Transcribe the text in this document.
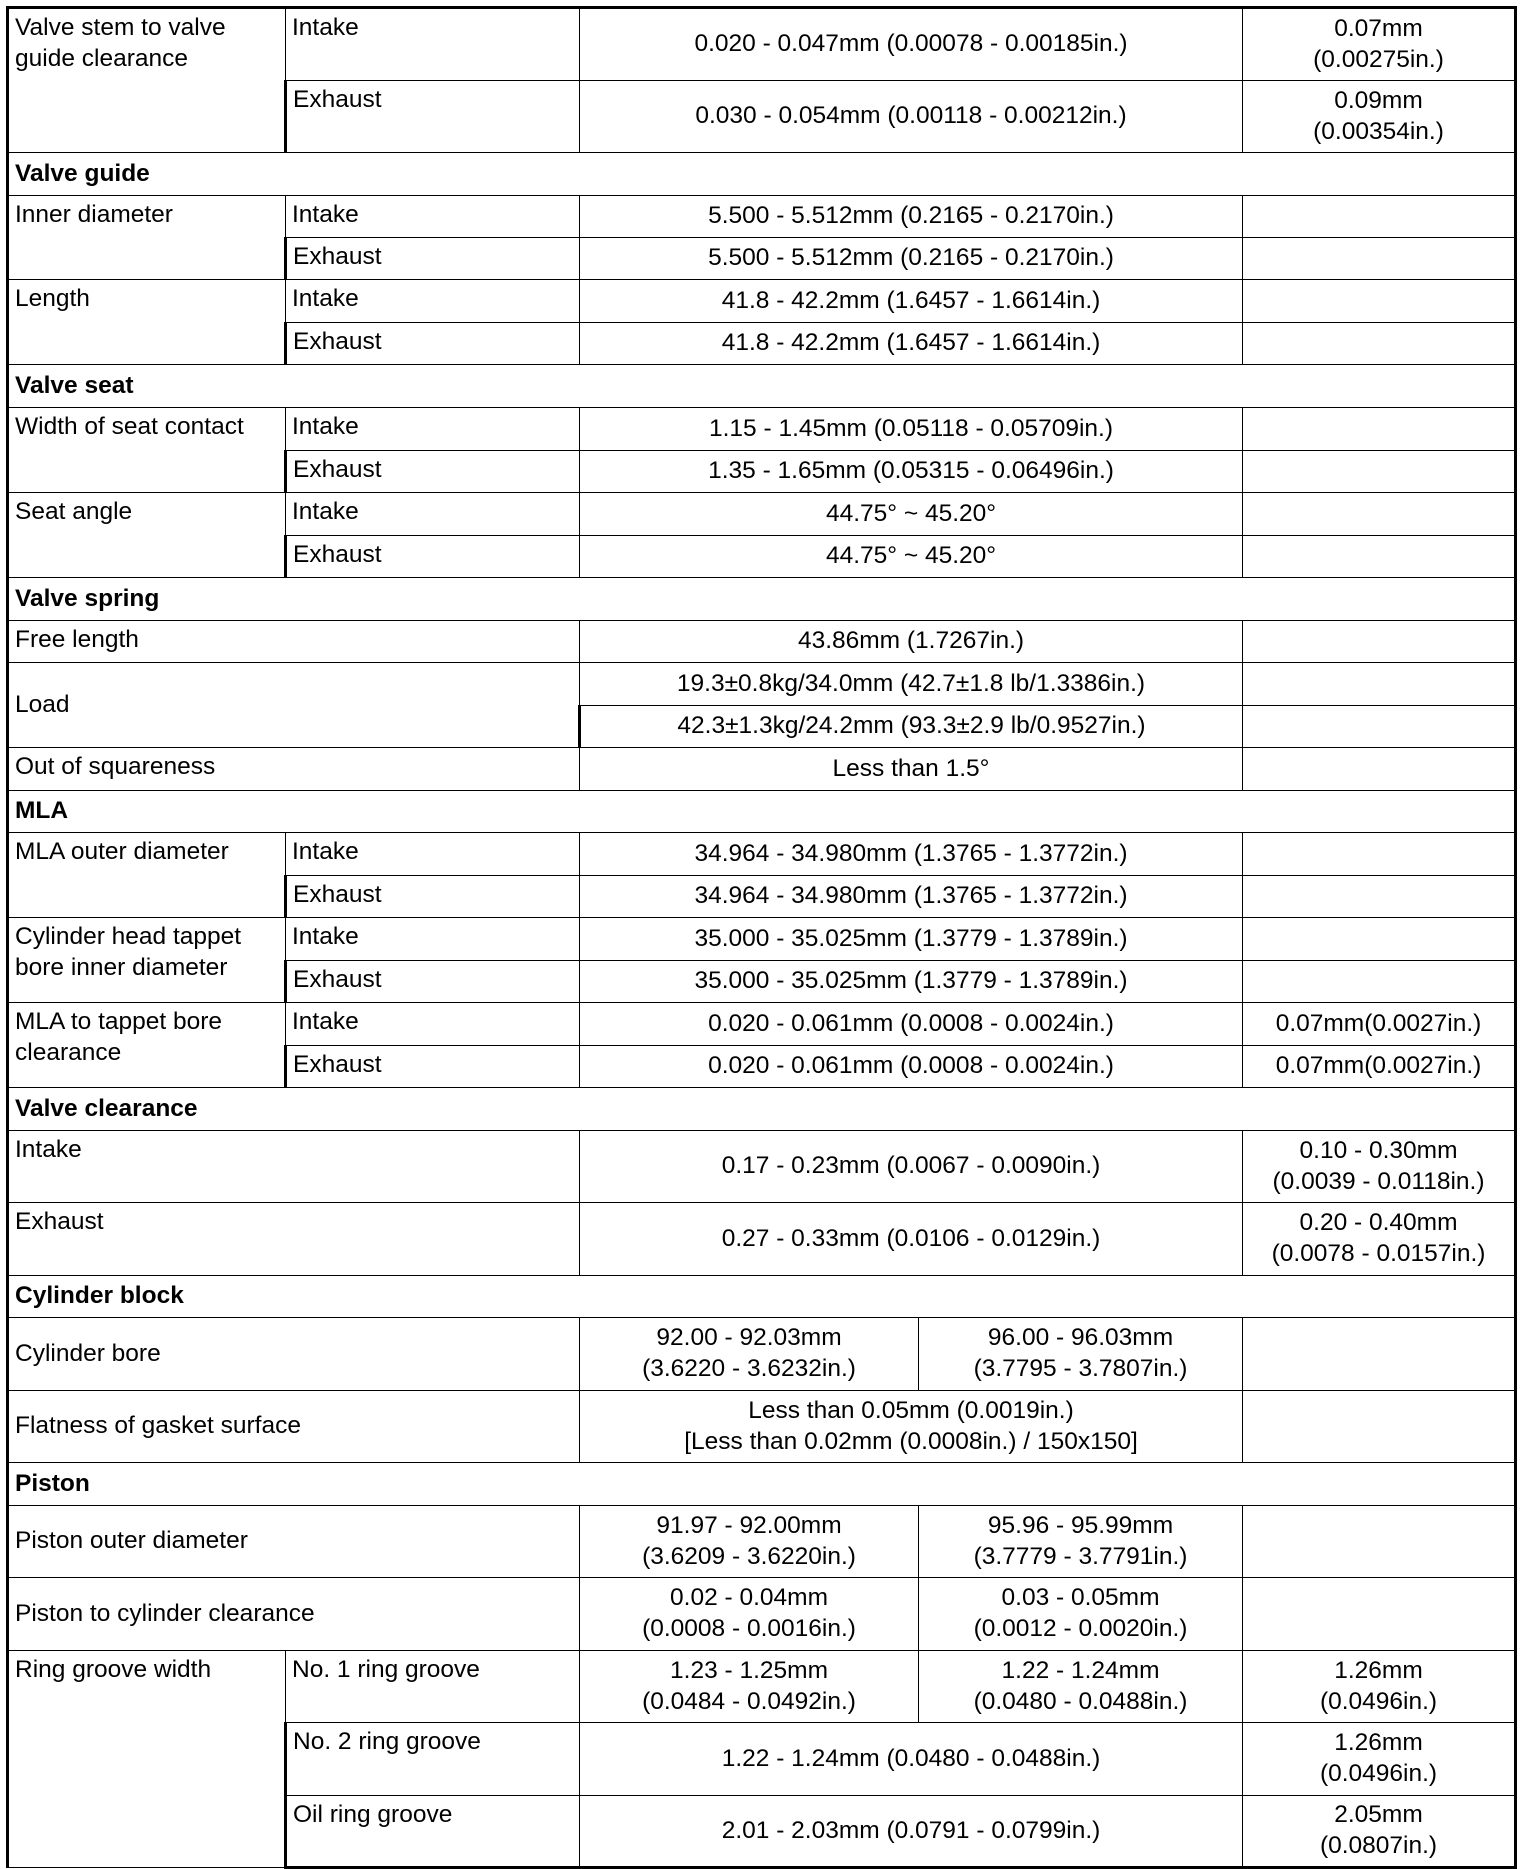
Valve stem to valve guide clearance	Intake	0.020 - 0.047mm (0.00078 - 0.00185in.)		0.07mm
(0.00275in.)

	Exhaust	0.030 - 0.054mm (0.00118 - 0.00212in.)		0.09mm
(0.00354in.)

Valve guide				
Inner diameter	Intake	5.500 - 5.512mm (0.2165 - 0.2170in.)		
	Exhaust	5.500 - 5.512mm (0.2165 - 0.2170in.)		
Length	Intake	41.8 - 42.2mm (1.6457 - 1.6614in.)		
	Exhaust	41.8 - 42.2mm (1.6457 - 1.6614in.)		
Valve seat				
Width of seat contact	Intake	1.15 - 1.45mm (0.05118 - 0.05709in.)		
	Exhaust	1.35 - 1.65mm (0.05315 - 0.06496in.)		
Seat angle	Intake	44.75° ~ 45.20°		
	Exhaust	44.75° ~ 45.20°		
Valve spring				
Free length		43.86mm (1.7267in.)		
Load		19.3±0.8kg/34.0mm (42.7±1.8 lb/1.3386in.)		
		42.3±1.3kg/24.2mm (93.3±2.9 lb/0.9527in.)		
Out of squareness		Less than 1.5°		
MLA				
MLA outer diameter	Intake	34.964 - 34.980mm (1.3765 - 1.3772in.)		
	Exhaust	34.964 - 34.980mm (1.3765 - 1.3772in.)		
Cylinder head tappet bore inner diameter	Intake	35.000 - 35.025mm (1.3779 - 1.3789in.)		
	Exhaust	35.000 - 35.025mm (1.3779 - 1.3789in.)		
MLA to tappet bore clearance	Intake	0.020 - 0.061mm (0.0008 - 0.0024in.)		0.07mm(0.0027in.)
	Exhaust	0.020 - 0.061mm (0.0008 - 0.0024in.)		0.07mm(0.0027in.)
Valve clearance				
Intake		0.17 - 0.23mm (0.0067 - 0.0090in.)		0.10 - 0.30mm
(0.0039 - 0.0118in.)

Exhaust		0.27 - 0.33mm (0.0106 - 0.0129in.)		0.20 - 0.40mm
(0.0078 - 0.0157in.)

Cylinder block				
Cylinder bore		92.00 - 92.03mm
(3.6220 - 3.6232in.)	96.00 - 96.03mm
(3.7795 - 3.7807in.)	

Flatness of gasket surface		Less than 0.05mm (0.0019in.)
[Less than 0.02mm (0.0008in.) / 150x150]		

Piston				
Piston outer diameter		91.97 - 92.00mm
(3.6209 - 3.6220in.)	95.96 - 95.99mm
(3.7779 - 3.7791in.)	

Piston to cylinder clearance		0.02 - 0.04mm
(0.0008 - 0.0016in.)	0.03 - 0.05mm
(0.0012 - 0.0020in.)	

Ring groove width	No. 1 ring groove	1.23 - 1.25mm
(0.0484 - 0.0492in.)	1.22 - 1.24mm
(0.0480 - 0.0488in.)	1.26mm
(0.0496in.)

	No. 2 ring groove	1.22 - 1.24mm (0.0480 - 0.0488in.)		1.26mm
(0.0496in.)

	Oil ring groove	2.01 - 2.03mm (0.0791 - 0.0799in.)		2.05mm
(0.0807in.)
